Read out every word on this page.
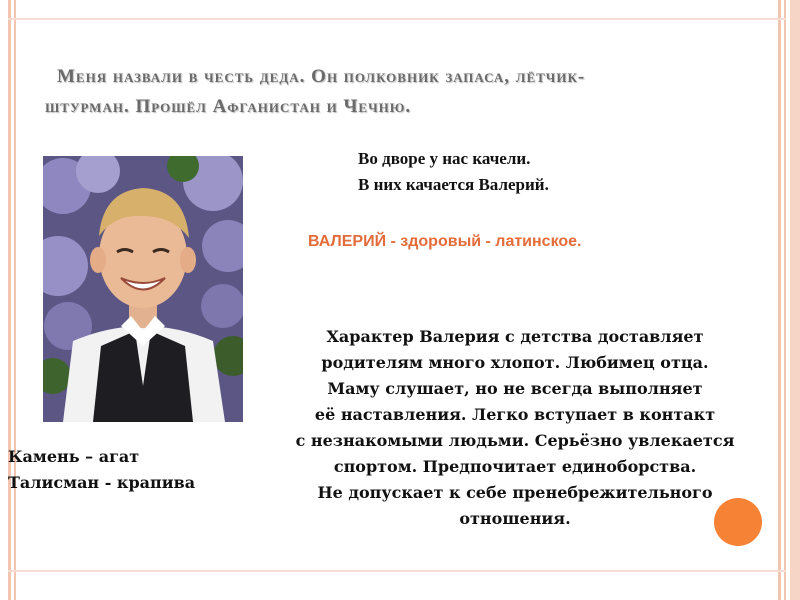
Меня назвали в честь деда. Он полковник запаса, лётчик-
штурман. Прошёл Афганистан и Чечню.
Во дворе у нас качели.
В них качается Валерий.
ВАЛЕРИЙ - здоровый - латинское.
Характер Валерия с детства доставляет
родителям много хлопот. Любимец отца.
Маму слушает, но не всегда выполняет
её наставления. Легко вступает в контакт
с незнакомыми людьми. Серьёзно увлекается
спортом. Предпочитает единоборства.
Не допускает к себе пренебрежительного
отношения.
Камень – агат
Талисман - крапива
